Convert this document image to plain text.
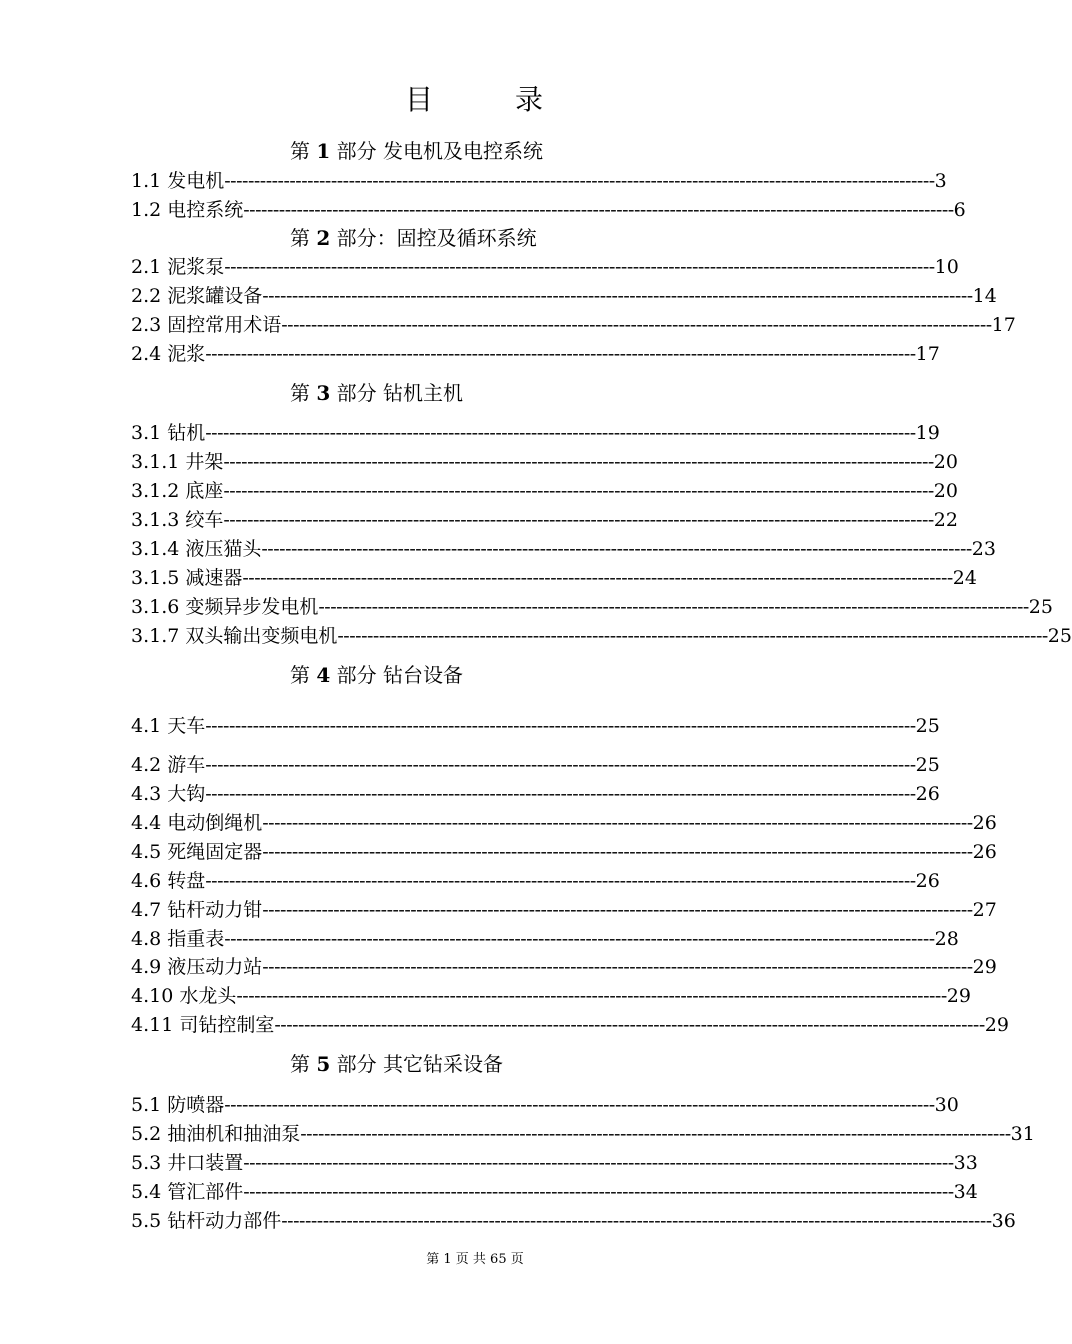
目	录
第 1 部分 发电机及电控系统
第 2 部分：固控及循环系统
第 3 部分 钻机主机
第 4 部分 钻台设备
第 5 部分 其它钻采设备
1.1 发电机 ------------------------------------------------------------------------------------------------------------------------ 3
1.2 电控系统 ------------------------------------------------------------------------------------------------------------------------ 6
2.1 泥浆泵 ------------------------------------------------------------------------------------------------------------------------ 10
2.2 泥浆罐设备 ------------------------------------------------------------------------------------------------------------------------ 14
2.3 固控常用术语 ------------------------------------------------------------------------------------------------------------------------ 17
2.4 泥浆 ------------------------------------------------------------------------------------------------------------------------ 17
3.1 钻机 ------------------------------------------------------------------------------------------------------------------------ 19
3.1.1 井架 ------------------------------------------------------------------------------------------------------------------------ 20
3.1.2 底座 ------------------------------------------------------------------------------------------------------------------------ 20
3.1.3 绞车 ------------------------------------------------------------------------------------------------------------------------ 22
3.1.4 液压猫头 ------------------------------------------------------------------------------------------------------------------------ 23
3.1.5 减速器 ------------------------------------------------------------------------------------------------------------------------ 24
3.1.6 变频异步发电机 ------------------------------------------------------------------------------------------------------------------------ 25
3.1.7 双头输出变频电机 ------------------------------------------------------------------------------------------------------------------------ 25
4.1 天车 ------------------------------------------------------------------------------------------------------------------------ 25
4.2 游车 ------------------------------------------------------------------------------------------------------------------------ 25
4.3 大钩 ------------------------------------------------------------------------------------------------------------------------ 26
4.4 电动倒绳机 ------------------------------------------------------------------------------------------------------------------------ 26
4.5 死绳固定器 ------------------------------------------------------------------------------------------------------------------------ 26
4.6 转盘 ------------------------------------------------------------------------------------------------------------------------ 26
4.7 钻杆动力钳 ------------------------------------------------------------------------------------------------------------------------ 27
4.8 指重表 ------------------------------------------------------------------------------------------------------------------------ 28
4.9 液压动力站 ------------------------------------------------------------------------------------------------------------------------ 29
4.10 水龙头 ------------------------------------------------------------------------------------------------------------------------ 29
4.11 司钻控制室 ------------------------------------------------------------------------------------------------------------------------ 29
5.1 防喷器 ------------------------------------------------------------------------------------------------------------------------ 30
5.2 抽油机和抽油泵 ------------------------------------------------------------------------------------------------------------------------ 31
5.3 井口装置 ------------------------------------------------------------------------------------------------------------------------ 33
5.4 管汇部件 ------------------------------------------------------------------------------------------------------------------------ 34
5.5 钻杆动力部件 ------------------------------------------------------------------------------------------------------------------------ 36
第 1 页 共 65 页
